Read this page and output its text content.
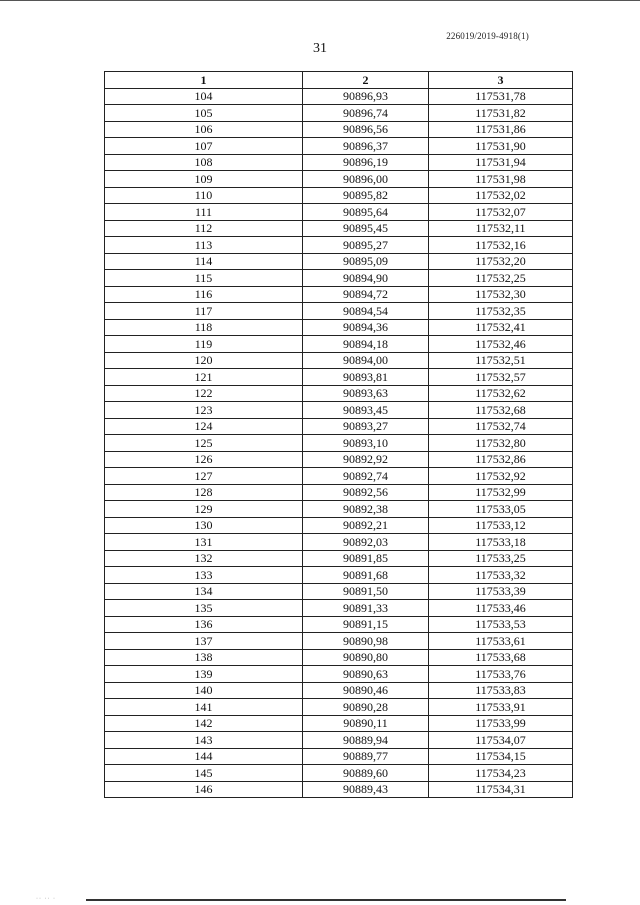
226019/2019-4918(1)
31
1	2	3
104	90896,93	117531,78
105	90896,74	117531,82
106	90896,56	117531,86
107	90896,37	117531,90
108	90896,19	117531,94
109	90896,00	117531,98
110	90895,82	117532,02
111	90895,64	117532,07
112	90895,45	117532,11
113	90895,27	117532,16
114	90895,09	117532,20
115	90894,90	117532,25
116	90894,72	117532,30
117	90894,54	117532,35
118	90894,36	117532,41
119	90894,18	117532,46
120	90894,00	117532,51
121	90893,81	117532,57
122	90893,63	117532,62
123	90893,45	117532,68
124	90893,27	117532,74
125	90893,10	117532,80
126	90892,92	117532,86
127	90892,74	117532,92
128	90892,56	117532,99
129	90892,38	117533,05
130	90892,21	117533,12
131	90892,03	117533,18
132	90891,85	117533,25
133	90891,68	117533,32
134	90891,50	117533,39
135	90891,33	117533,46
136	90891,15	117533,53
137	90890,98	117533,61
138	90890,80	117533,68
139	90890,63	117533,76
140	90890,46	117533,83
141	90890,28	117533,91
142	90890,11	117533,99
143	90889,94	117534,07
144	90889,77	117534,15
145	90889,60	117534,23
146	90889,43	117534,31
·· ·· ·
